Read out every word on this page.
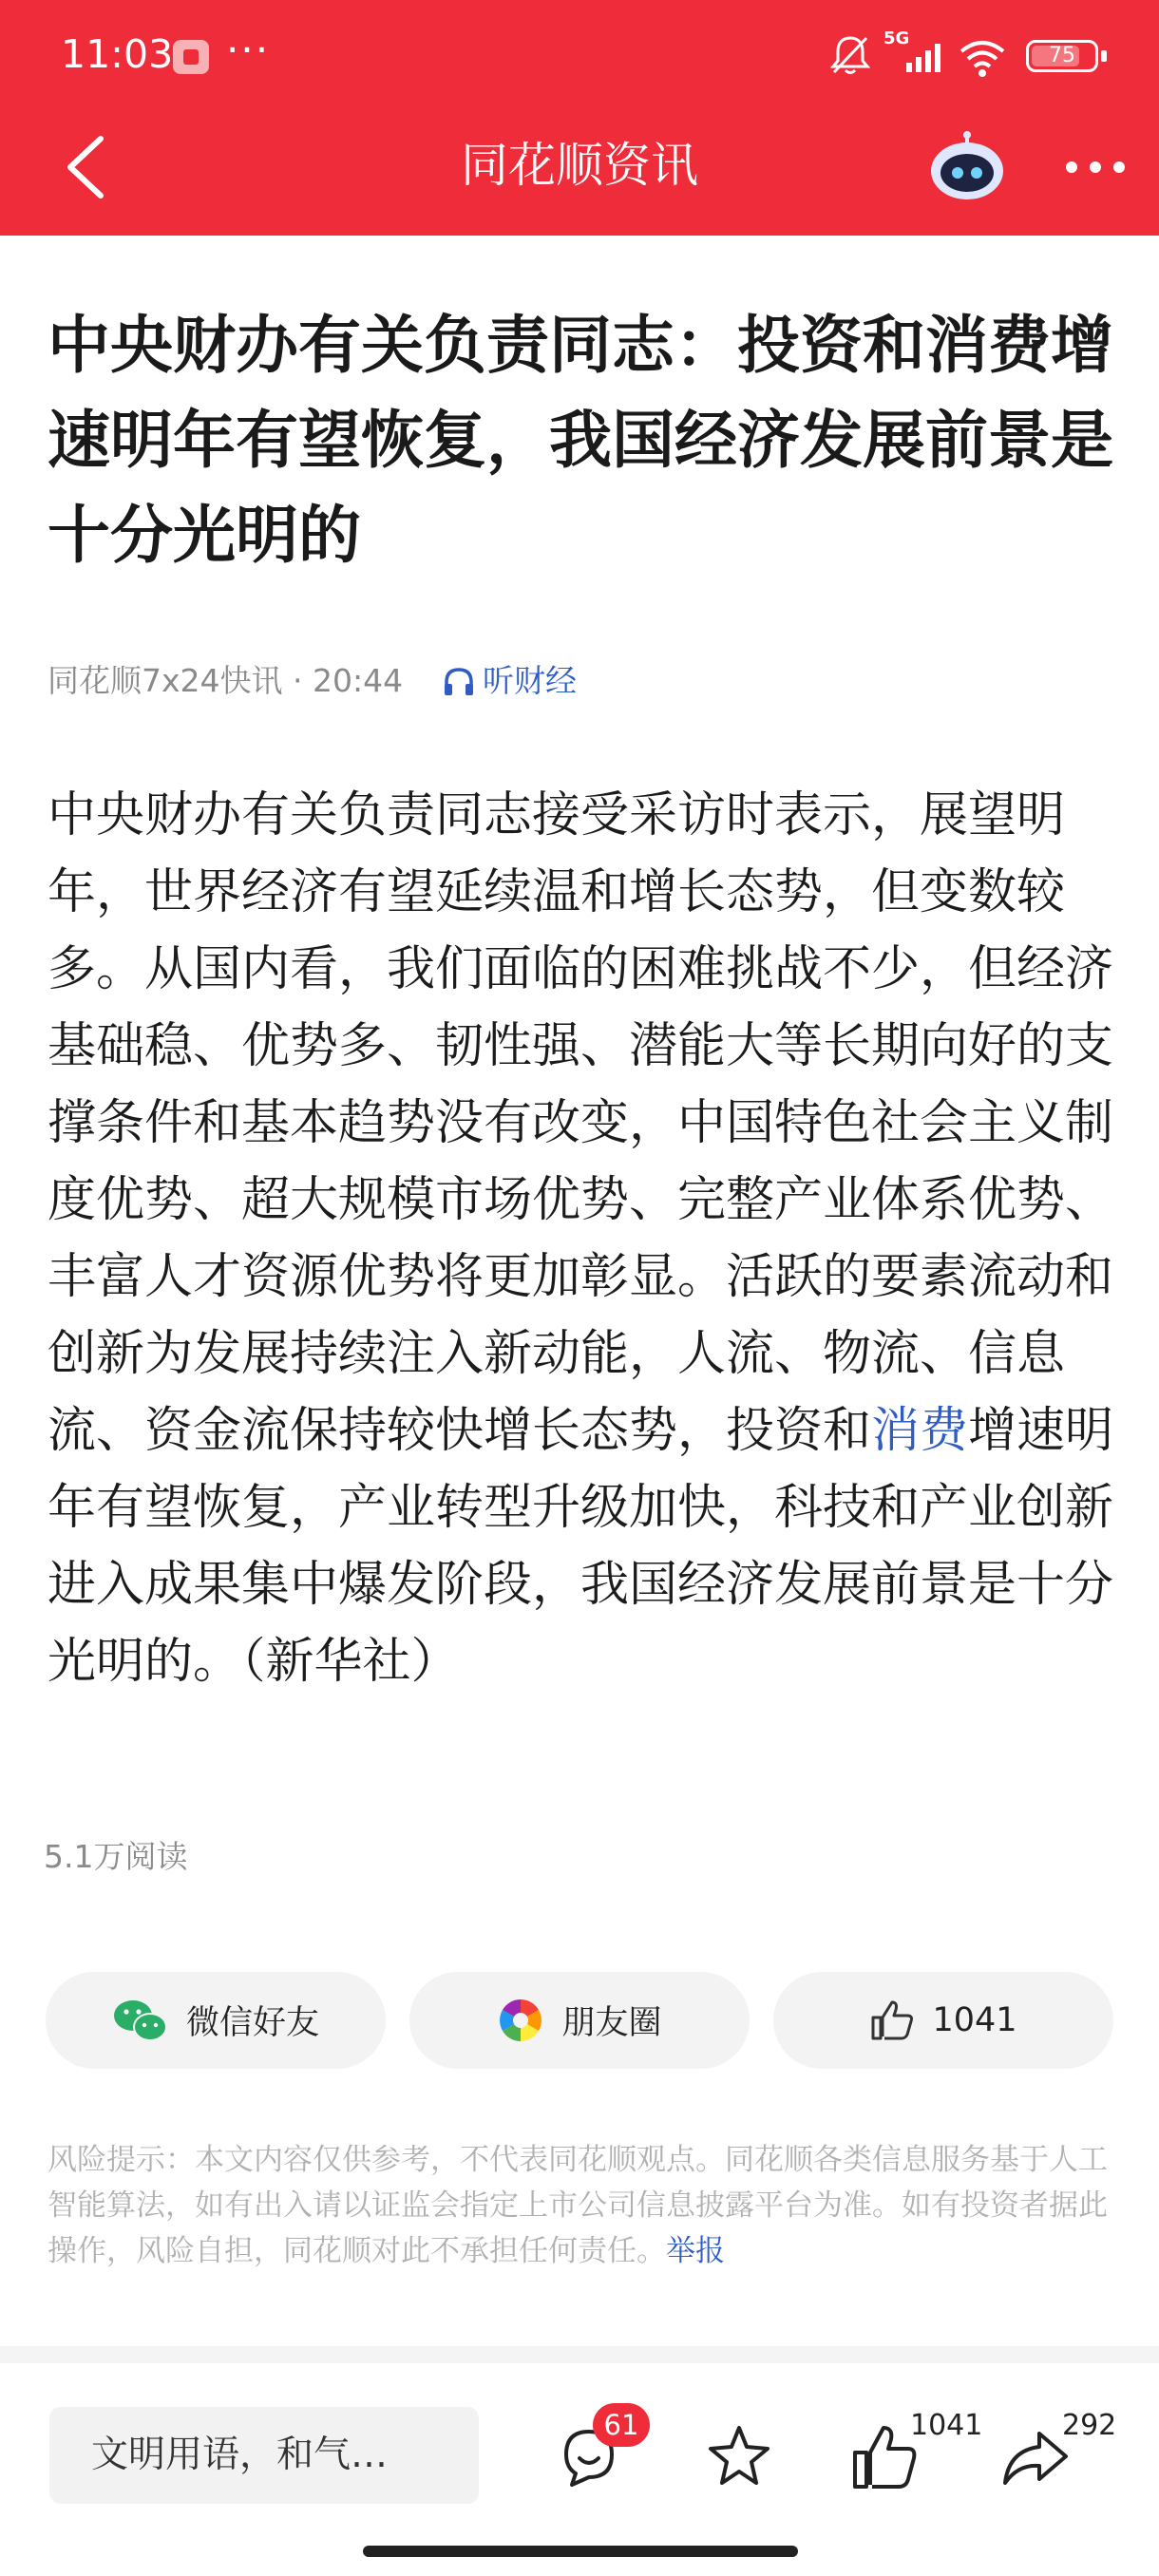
11:03 ···	5G
75
同花顺资讯
中央财办有关负责同志：投资和消费增速明年有望恢复，我国经济发展前景是十分光明的
同花顺7x24快讯 · 20:44	听财经
中央财办有关负责同志接受采访时表示，展望明年，世界经济有望延续温和增长态势，但变数较多。从国内看，我们面临的困难挑战不少，但经济基础稳、优势多、韧性强、潜能大等长期向好的支撑条件和基本趋势没有改变，中国特色社会主义制度优势、超大规模市场优势、完整产业体系优势、丰富人才资源优势将更加彰显。活跃的要素流动和创新为发展持续注入新动能，人流、物流、信息流、资金流保持较快增长态势，投资和消费增速明年有望恢复，产业转型升级加快，科技和产业创新进入成果集中爆发阶段，我国经济发展前景是十分光明的。（新华社）
5.1万阅读
微信好友	朋友圈	1041
风险提示：本文内容仅供参考，不代表同花顺观点。同花顺各类信息服务基于人工智能算法，如有出入请以证监会指定上市公司信息披露平台为准。如有投资者据此操作，风险自担，同花顺对此不承担任何责任。举报
文明用语，和气…
61	1041	292
